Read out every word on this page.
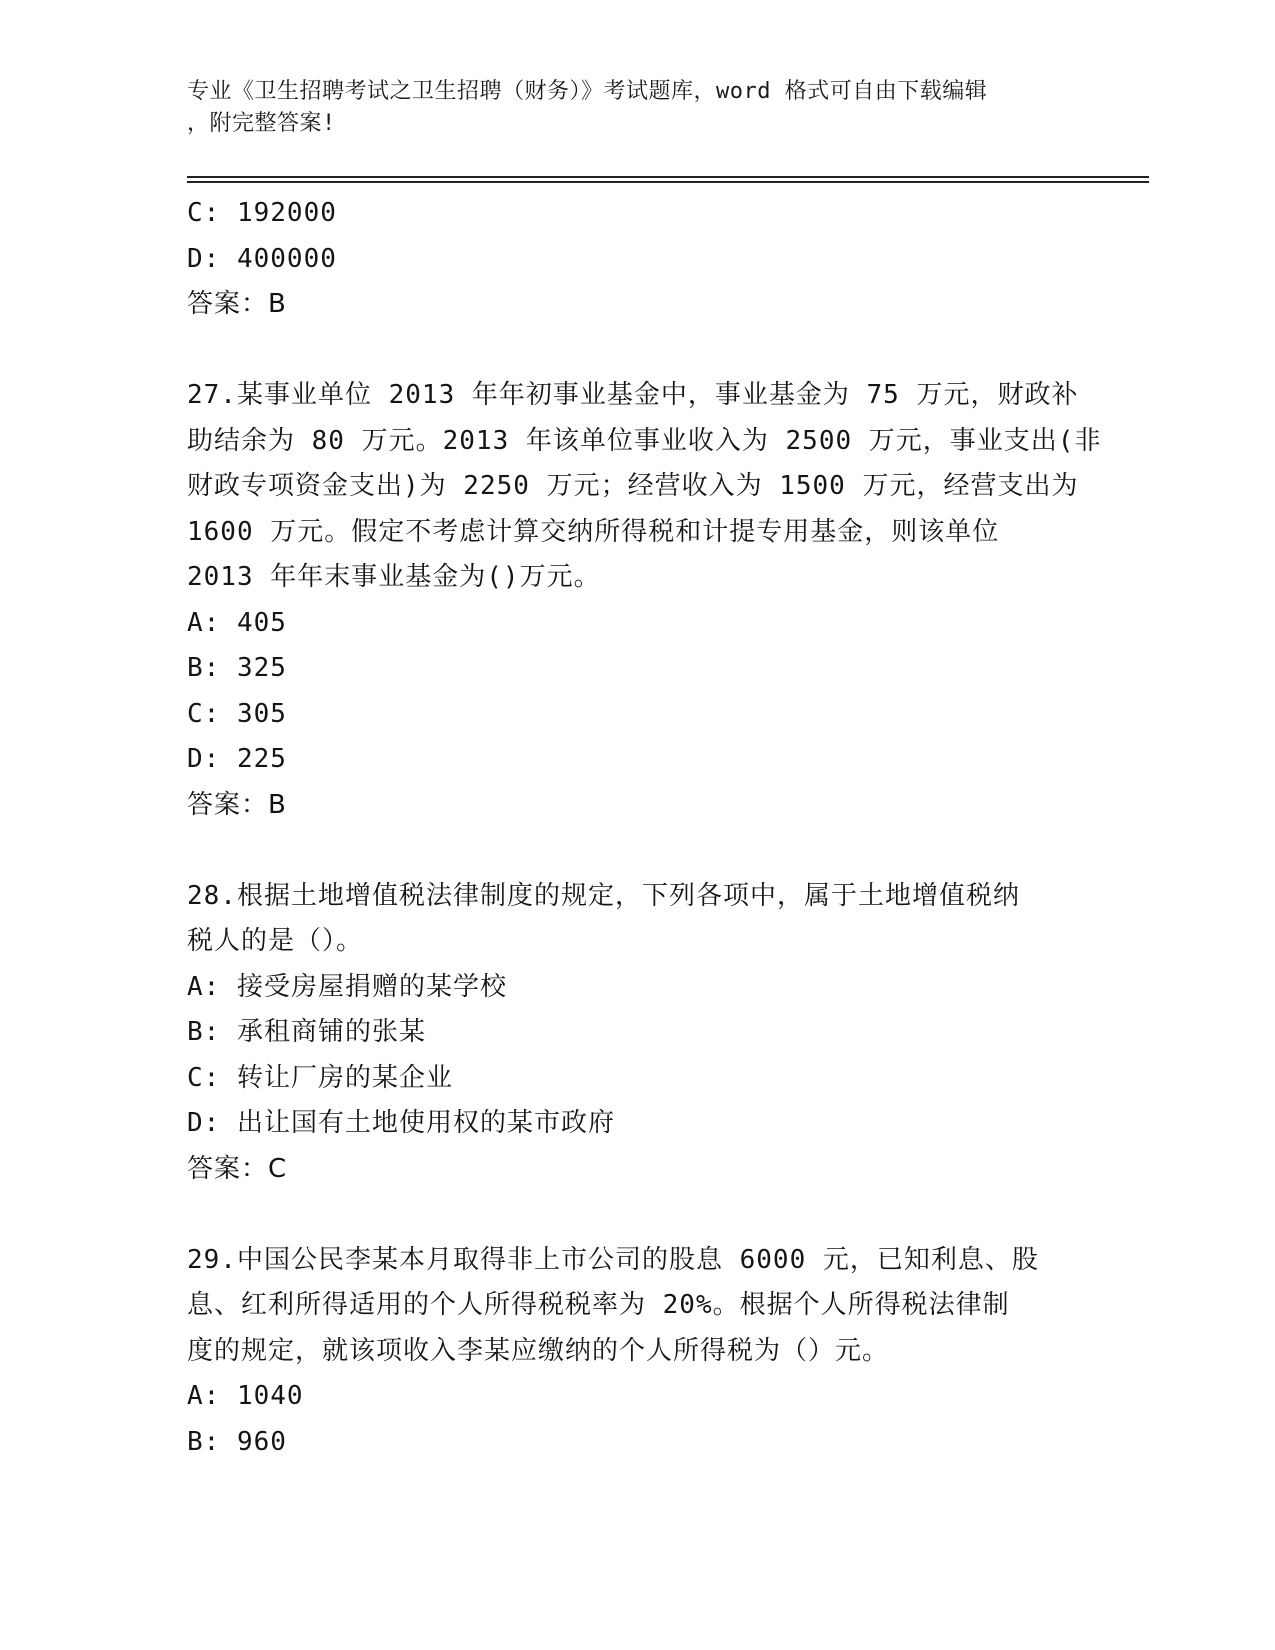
专业《卫生招聘考试之卫生招聘（财务）》考试题库，word 格式可自由下载编辑
，附完整答案!

C: 192000

D: 400000

答案：B

27.某事业单位 2013 年年初事业基金中，事业基金为 75 万元，财政补

助结余为 80 万元。2013 年该单位事业收入为 2500 万元，事业支出(非

财政专项资金支出)为 2250 万元；经营收入为 1500 万元，经营支出为

1600 万元。假定不考虑计算交纳所得税和计提专用基金，则该单位

2013 年年末事业基金为()万元。

A: 405

B: 325

C: 305

D: 225

答案：B

28.根据土地增值税法律制度的规定，下列各项中，属于土地增值税纳

税人的是（）。

A: 接受房屋捐赠的某学校

B: 承租商铺的张某

C: 转让厂房的某企业

D: 出让国有土地使用权的某市政府

答案：C

29.中国公民李某本月取得非上市公司的股息 6000 元，已知利息、股

息、红利所得适用的个人所得税税率为 20%。根据个人所得税法律制

度的规定，就该项收入李某应缴纳的个人所得税为（）元。

A: 1040

B: 960
